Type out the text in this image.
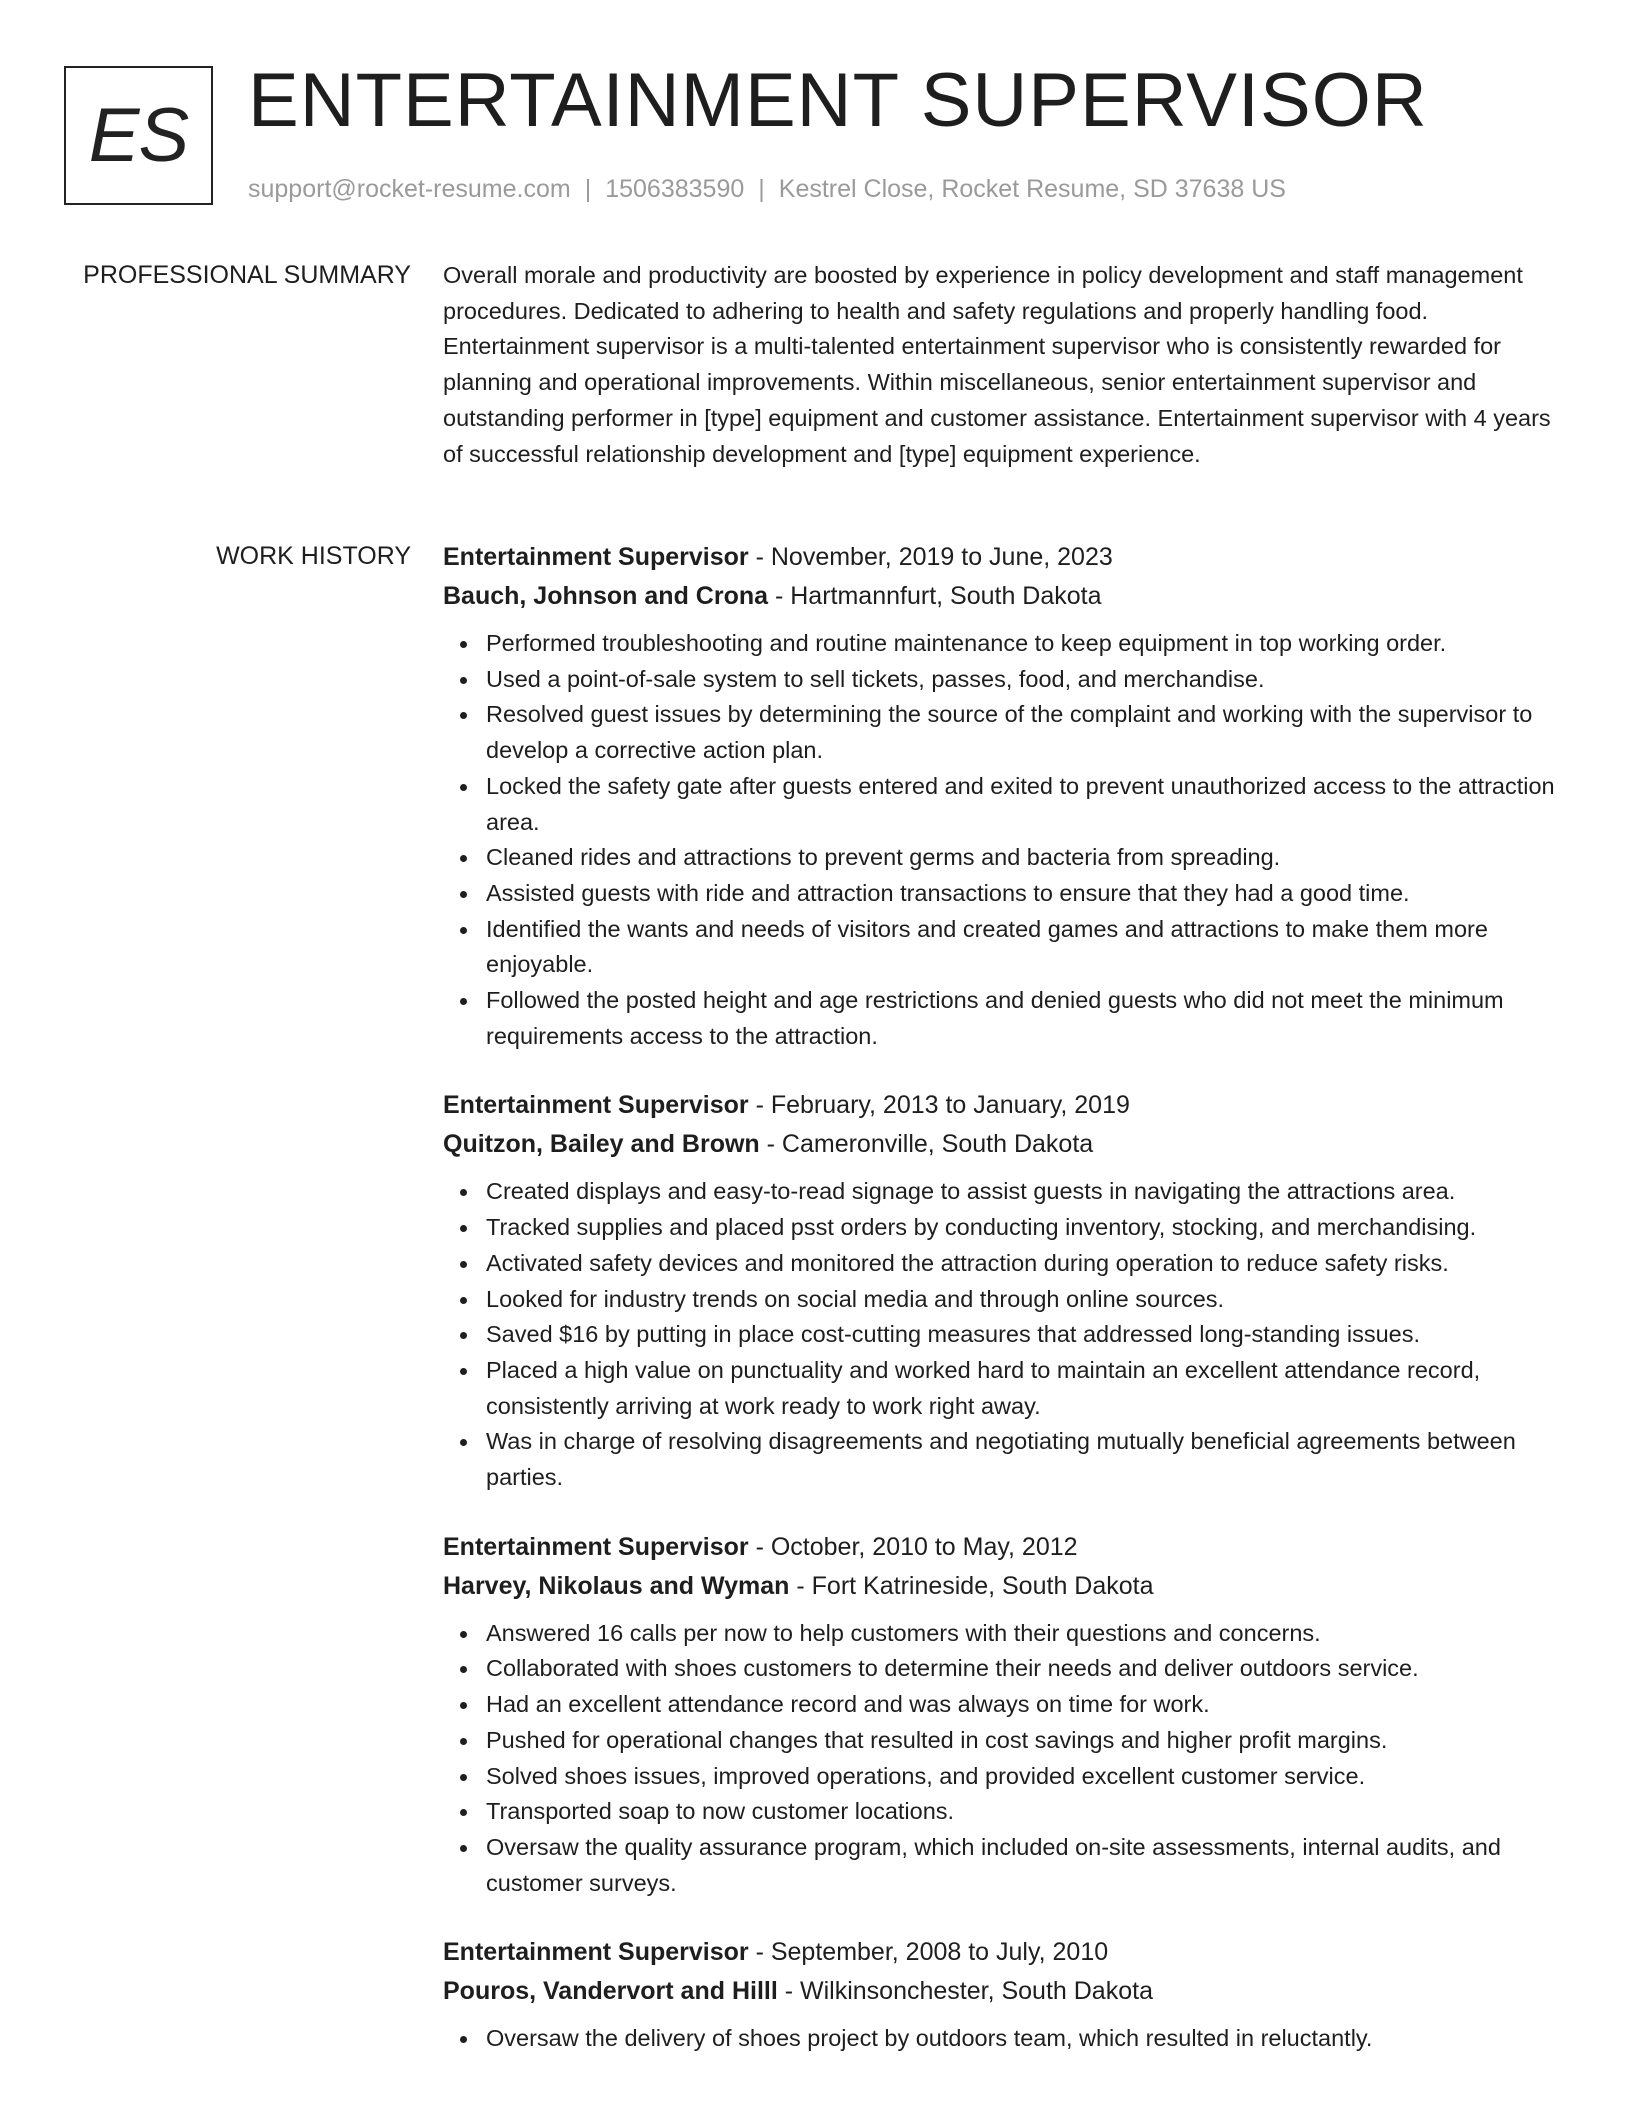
ES ENTERTAINMENT SUPERVISOR
support@rocket-resume.com | 1506383590 | Kestrel Close, Rocket Resume, SD 37638 US
PROFESSIONAL SUMMARY Overall morale and productivity are boosted by experience in policy development and staff management procedures. Dedicated to adhering to health and safety regulations and properly handling food. Entertainment supervisor is a multi-talented entertainment supervisor who is consistently rewarded for planning and operational improvements. Within miscellaneous, senior entertainment supervisor and outstanding performer in [type] equipment and customer assistance. Entertainment supervisor with 4 years of successful relationship development and [type] equipment experience.

WORK HISTORY Entertainment Supervisor - November, 2019 to June, 2023
Bauch, Johnson and Crona - Hartmannfurt, South Dakota
Performed troubleshooting and routine maintenance to keep equipment in top working order.
Used a point-of-sale system to sell tickets, passes, food, and merchandise.
Resolved guest issues by determining the source of the complaint and working with the supervisor to develop a corrective action plan.
Locked the safety gate after guests entered and exited to prevent unauthorized access to the attraction area.
Cleaned rides and attractions to prevent germs and bacteria from spreading.
Assisted guests with ride and attraction transactions to ensure that they had a good time.
Identified the wants and needs of visitors and created games and attractions to make them more enjoyable.
Followed the posted height and age restrictions and denied guests who did not meet the minimum requirements access to the attraction.
Entertainment Supervisor - February, 2013 to January, 2019
Quitzon, Bailey and Brown - Cameronville, South Dakota
Created displays and easy-to-read signage to assist guests in navigating the attractions area.
Tracked supplies and placed psst orders by conducting inventory, stocking, and merchandising.
Activated safety devices and monitored the attraction during operation to reduce safety risks.
Looked for industry trends on social media and through online sources.
Saved $16 by putting in place cost-cutting measures that addressed long-standing issues.
Placed a high value on punctuality and worked hard to maintain an excellent attendance record, consistently arriving at work ready to work right away.
Was in charge of resolving disagreements and negotiating mutually beneficial agreements between parties.
Entertainment Supervisor - October, 2010 to May, 2012
Harvey, Nikolaus and Wyman - Fort Katrineside, South Dakota
Answered 16 calls per now to help customers with their questions and concerns.
Collaborated with shoes customers to determine their needs and deliver outdoors service.
Had an excellent attendance record and was always on time for work.
Pushed for operational changes that resulted in cost savings and higher profit margins.
Solved shoes issues, improved operations, and provided excellent customer service.
Transported soap to now customer locations.
Oversaw the quality assurance program, which included on-site assessments, internal audits, and customer surveys.
Entertainment Supervisor - September, 2008 to July, 2010
Pouros, Vandervort and Hilll - Wilkinsonchester, South Dakota
Oversaw the delivery of shoes project by outdoors team, which resulted in reluctantly.
